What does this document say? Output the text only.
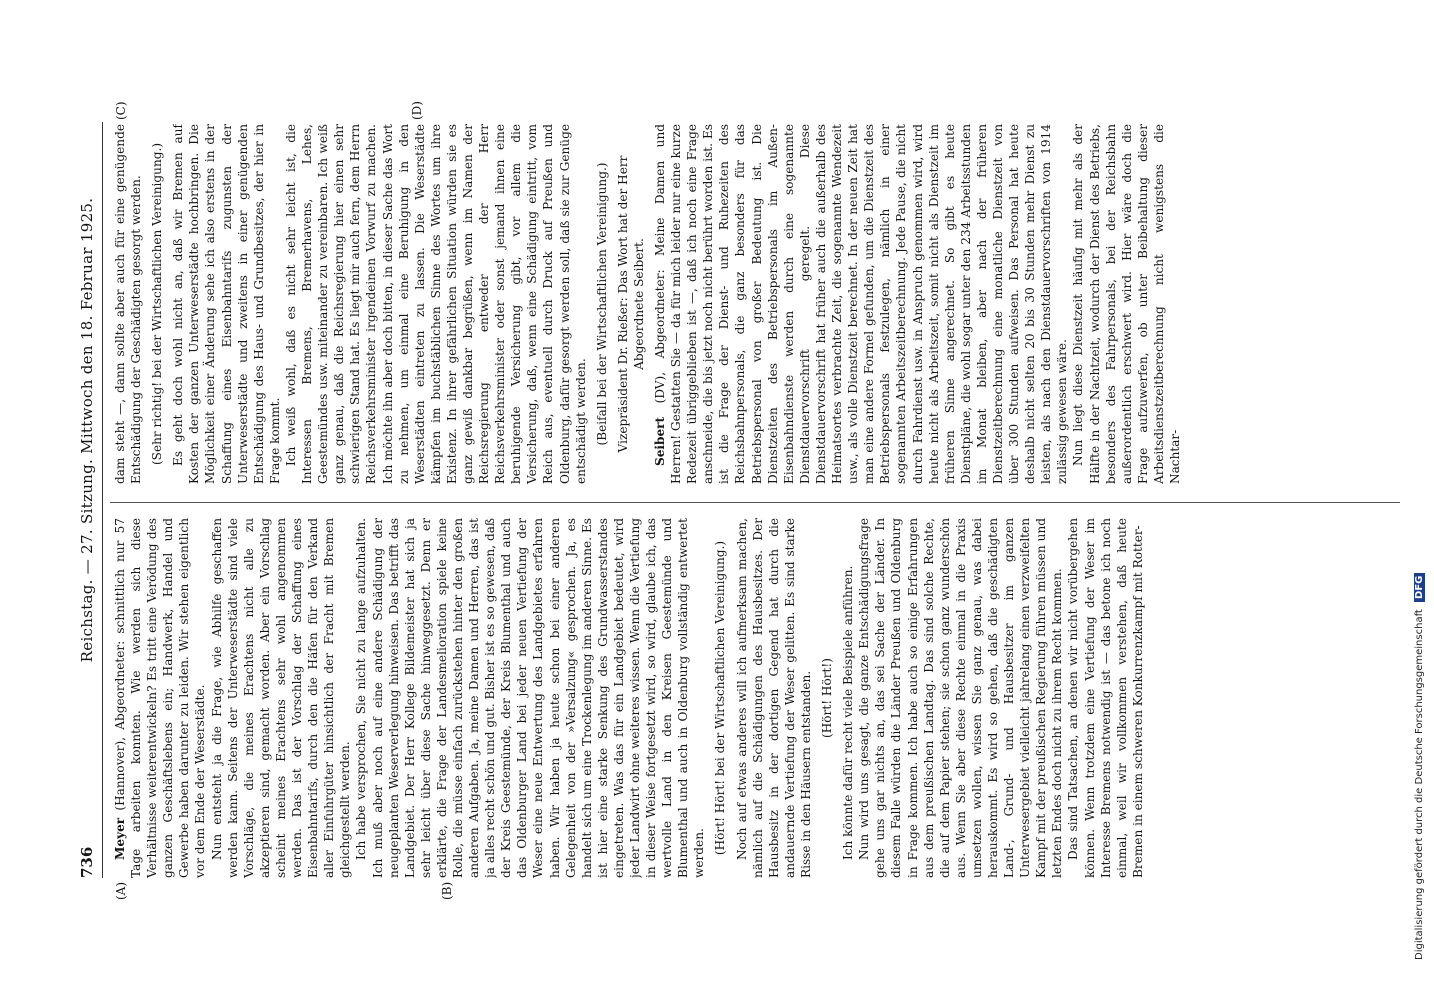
736
Reichstag. — 27. Sitzung. Mittwoch den 18. Februar 1925.
(A)	(B)
(C)	(D)

Meyer (Hannover), Abgeordneter: schnittlich nur 57 Tage arbeiten konnten. Wie werden sich diese Verhältnisse weiterentwickeln? Es tritt eine Verödung des ganzen Geschäftslebens ein; Handwerk, Handel und Gewerbe haben darunter zu leiden. Wir stehen eigentlich vor dem Ende der Weserstädte. Nun entsteht ja die Frage, wie Abhilfe geschaffen werden kann. Seitens der Unterweserstädte sind viele Vorschläge, die meines Erachtens nicht alle zu akzeptieren sind, gemacht worden. Aber ein Vorschlag scheint meines Erachtens sehr wohl angenommen werden. Das ist der Vorschlag der Schaffung eines Eisenbahntarifs, durch den die Häfen für den Verkand aller Einfuhrgüter hinsichtlich der Fracht mit Bremen gleichgestellt werden. Ich habe versprochen, Sie nicht zu lange aufzuhalten. Ich muß aber noch auf eine andere Schädigung der neugeplanten Weserverlegung hinweisen. Das betrifft das Landgebiet. Der Herr Kollege Bildemeister hat sich ja sehr leicht über diese Sache hinweggesetzt. Denn er erklärte, die Frage der Landesmelioration spiele keine Rolle, die müsse einfach zurückstehen hinter den großen anderen Aufgaben. Ja, meine Damen und Herren, das ist ja alles recht schön und gut. Bisher ist es so gewesen, daß der Kreis Geestemünde, der Kreis Blumenthal und auch das Oldenburger Land bei jeder neuen Vertiefung der Weser eine neue Entwertung des Landgebietes erfahren haben. Wir haben ja heute schon bei einer anderen Gelegenheit von der »Versalzung« gesprochen. Ja, es handelt sich um eine Trockenlegung im anderen Sinne. Es ist hier eine starke Senkung des Grundwasserstandes eingetreten. Was das für ein Landgebiet bedeutet, wird jeder Landwirt ohne weiteres wissen. Wenn die Vertiefung in dieser Weise fortgesetzt wird, so wird, glaube ich, das wertvolle Land in den Kreisen Geestemünde und Blumenthal und auch in Oldenburg vollständig entwertet werden. (Hört! Hört! bei der Wirtschaftlichen Vereinigung.) Noch auf etwas anderes will ich aufmerksam machen, nämlich auf die Schädigungen des Hausbesitzes. Der Hausbesitz in der dortigen Gegend hat durch die andauernde Vertiefung der Weser gelitten. Es sind starke Risse in den Häusern entstanden. (Hört! Hört!) Ich könnte dafür recht viele Beispiele anführen. Nun wird uns gesagt, die ganze Entschädigungsfrage gehe uns gar nichts an, das sei Sache der Länder. In diesem Falle würden die Länder Preußen und Oldenburg in Frage kommen. Ich habe auch so einige Erfahrungen aus dem preußischen Landtag. Das sind solche Rechte, die auf dem Papier stehen; sie schon ganz wunderschön aus. Wenn Sie aber diese Rechte einmal in die Praxis umsetzen wollen, wissen Sie ganz genau, was dabei herauskommt. Es wird so gehen, daß die geschädigten Land-, Grund- und Hausbesitzer im ganzen Unterwesergebiet vielleicht jahrelang einen verzweifelten Kampf mit der preußischen Regierung führen müssen und letzten Endes doch nicht zu ihrem Recht kommen. Das sind Tatsachen, an denen wir nicht vorübergehen können. Wenn trotzdem eine Vertiefung der Weser im Interesse Bremens notwendig ist — das betone ich noch einmal, weil wir vollkommen verstehen, daß heute Bremen in einem schweren Konkurrenzkampf mit Rotter-

dam steht —, dann sollte aber auch für eine genügende Entschädigung der Geschädigten gesorgt werden. (Sehr richtig! bei der Wirtschaftlichen Vereinigung.) Es geht doch wohl nicht an, daß wir Bremen auf Kosten der ganzen Unterweserstädte hochbringen. Die Möglichkeit einer Änderung sehe ich also erstens in der Schaffung eines Eisenbahntarifs zugunsten der Unterweserstädte und zweitens in einer genügenden Entschädigung des Haus- und Grundbesitzes, der hier in Frage kommt. Ich weiß wohl, daß es nicht sehr leicht ist, die Interessen Bremens, Bremerhavens, Lehes, Geestemündes usw. miteinander zu vereinbaren. Ich weiß ganz genau, daß die Reichsregierung hier einen sehr schwierigen Stand hat. Es liegt mir auch fern, dem Herrn Reichsverkehrsminister irgendeinen Vorwurf zu machen. Ich möchte ihn aber doch bitten, in dieser Sache das Wort zu nehmen, um einmal eine Beruhigung in den Weserstädten eintreten zu lassen. Die Weserstädte kämpfen im buchstäblichen Sinne des Wortes um ihre Existenz. In ihrer gefährlichen Situation würden sie es ganz gewiß dankbar begrüßen, wenn im Namen der Reichsregierung entweder der Herr Reichsverkehrsminister oder sonst jemand ihnen eine beruhigende Versicherung gibt, vor allem die Versicherung, daß, wenn eine Schädigung eintritt, vom Reich aus, eventuell durch Druck auf Preußen und Oldenburg, dafür gesorgt werden soll, daß sie zur Genüge entschädigt werden. (Beifall bei der Wirtschaftlichen Vereinigung.) Vizepräsident Dr. Rießer: Das Wort hat der Herr Abgeordnete Seibert.

Seibert (DV), Abgeordneter: Meine Damen und Herren! Gestatten Sie — da für mich leider nur eine kurze Redezeit übriggeblieben ist —, daß ich noch eine Frage anschneide, die bis jetzt noch nicht berührt worden ist. Es ist die Frage der Dienst- und Ruhezeiten des Reichsbahnpersonals, die ganz besonders für das Betriebspersonal von großer Bedeutung ist. Die Dienstzeiten des Betriebspersonals im Außen-Eisenbahndienste werden durch eine sogenannte Dienstdauervorschrift geregelt. Diese Dienstdauervorschrift hat früher auch die außerhalb des Heimatsortes verbrachte Zeit, die sogenannte Wendezeit usw., als volle Dienstzeit berechnet. In der neuen Zeit hat man eine andere Formel gefunden, um die Dienstzeit des Betriebspersonals festzulegen, nämlich in einer sogenannten Arbeitszeitberechnung. Jede Pause, die nicht durch Fahrdienst usw. in Anspruch genommen wird, wird heute nicht als Arbeitszeit, somit nicht als Dienstzeit im früheren Sinne angerechnet. So gibt es heute Dienstpläne, die wohl sogar unter den 234 Arbeitsstunden im Monat bleiben, aber nach der früheren Dienstzeitberechnung eine monatliche Dienstzeit von über 300 Stunden aufweisen. Das Personal hat heute deshalb nicht selten 20 bis 30 Stunden mehr Dienst zu leisten, als nach den Dienstdauervorschriften von 1914 zulässig gewesen wäre. Nun liegt diese Dienstzeit häufig mit mehr als der Hälfte in der Nachtzeit, wodurch der Dienst des Betriebs, besonders des Fahrpersonals, bei der Reichsbahn außerordentlich erschwert wird. Hier wäre doch die Frage aufzuwerfen, ob unter Beibehaltung dieser Arbeitsdienstzeitberechnung nicht wenigstens die Nachtar-

Digitalisierung gefördert durch die Deutsche Forschungsgemeinschaft DFG
